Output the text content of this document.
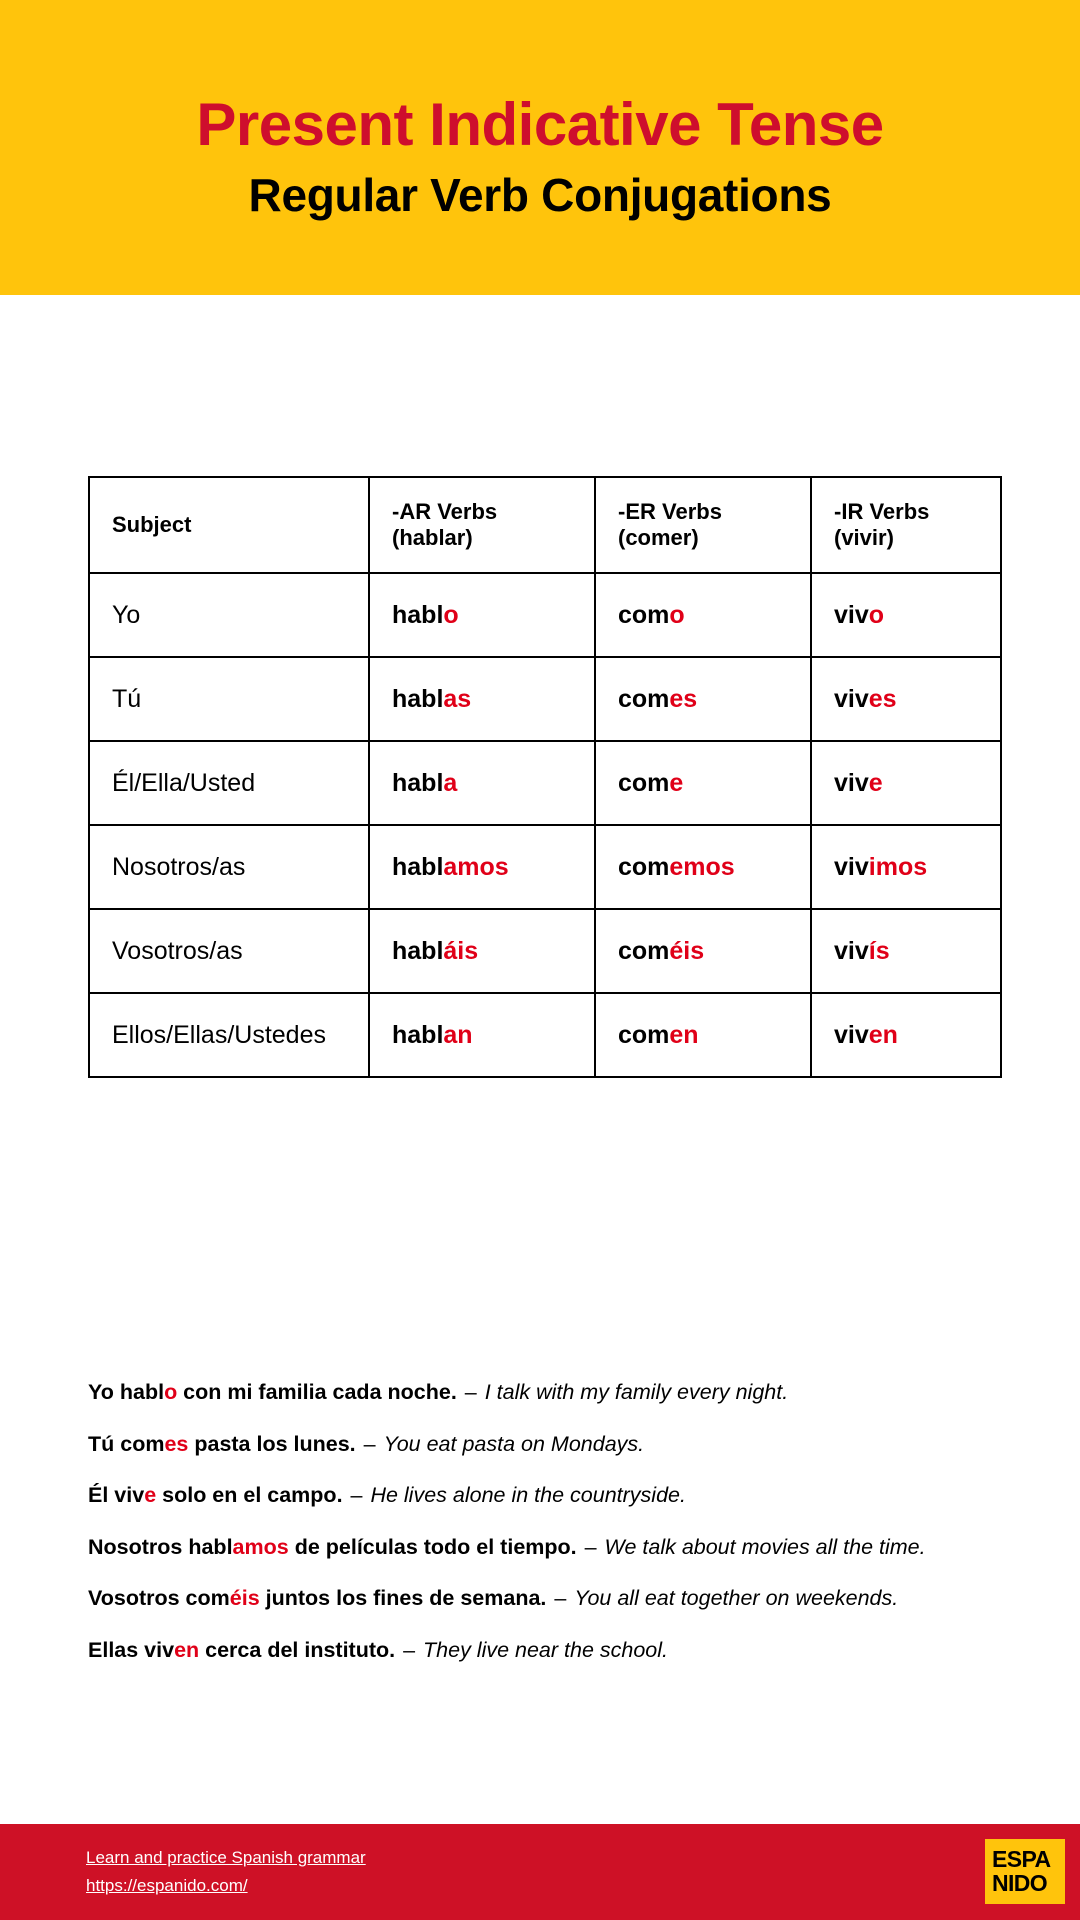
Present Indicative Tense
Regular Verb Conjugations
Subject	-AR Verbs (hablar)	-ER Verbs (comer)	-IR Verbs (vivir)
Yo	hablo	como	vivo
Tú	hablas	comes	vives
Él/Ella/Usted	habla	come	vive
Nosotros/as	hablamos	comemos	vivimos
Vosotros/as	habláis	coméis	vivís
Ellos/Ellas/Ustedes	hablan	comen	viven
Yo hablo con mi familia cada noche. – I talk with my family every night.
Tú comes pasta los lunes. – You eat pasta on Mondays.
Él vive solo en el campo. – He lives alone in the countryside.
Nosotros hablamos de películas todo el tiempo. – We talk about movies all the time.
Vosotros coméis juntos los fines de semana. – You all eat together on weekends.
Ellas viven cerca del instituto. – They live near the school.
Learn and practice Spanish grammar
https://espanido.com/
ESPA
NIDO
